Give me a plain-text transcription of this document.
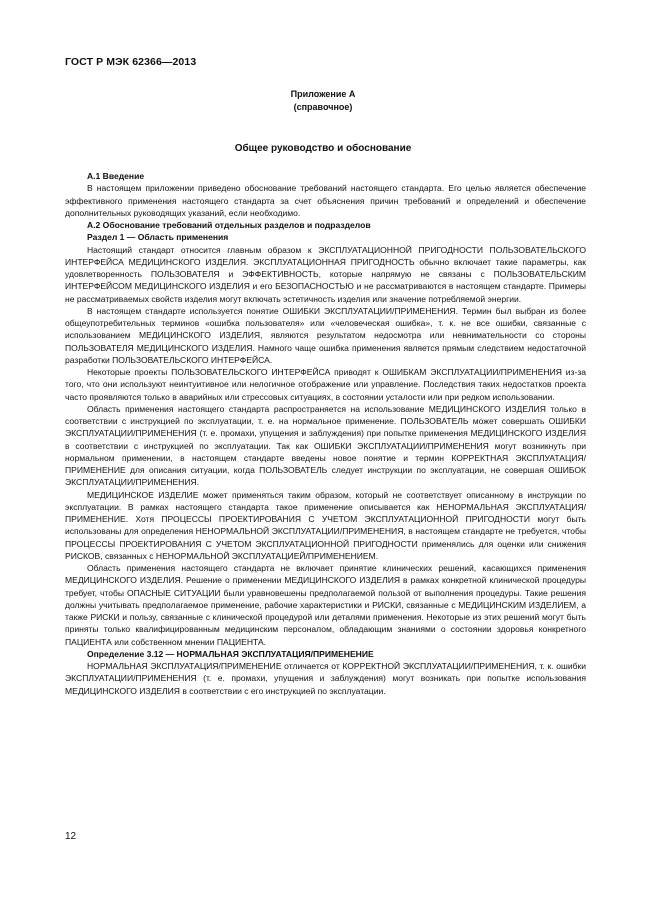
ГОСТ Р МЭК 62366—2013
Приложение А
(справочное)
Общее руководство и обоснование

А.1 Введение

В настоящем приложении приведено обоснование требований настоящего стандарта. Его целью является обеспечение эффективного применения настоящего стандарта за счет объяснения причин требований и определений и обеспечение дополнительных руководящих указаний, если необходимо.

А.2 Обоснование требований отдельных разделов и подразделов

Раздел 1 — Область применения

Настоящий стандарт относится главным образом к ЭКСПЛУАТАЦИОННОЙ ПРИГОДНОСТИ ПОЛЬЗОВАТЕЛЬСКОГО ИНТЕРФЕЙСА МЕДИЦИНСКОГО ИЗДЕЛИЯ. ЭКСПЛУАТАЦИОННАЯ ПРИГОДНОСТЬ обычно включает такие параметры, как удовлетворенность ПОЛЬЗОВАТЕЛЯ и ЭФФЕКТИВНОСТЬ, которые напрямую не связаны с ПОЛЬЗОВАТЕЛЬСКИМ ИНТЕРФЕЙСОМ МЕДИЦИНСКОГО ИЗДЕЛИЯ и его БЕЗОПАСНОСТЬЮ и не рассматриваются в настоящем стандарте. Примеры не рассматриваемых свойств изделия могут включать эстетичность изделия или значение потребляемой энергии.

В настоящем стандарте используется понятие ОШИБКИ ЭКСПЛУАТАЦИИ/ПРИМЕНЕНИЯ. Термин был выбран из более общеупотребительных терминов «ошибка пользователя» или «человеческая ошибка», т. к. не все ошибки, связанные с использованием МЕДИЦИНСКОГО ИЗДЕЛИЯ, являются результатом недосмотра или невнимательности со стороны ПОЛЬЗОВАТЕЛЯ МЕДИЦИНСКОГО ИЗДЕЛИЯ. Намного чаще ошибка применения является прямым следствием недостаточной разработки ПОЛЬЗОВАТЕЛЬСКОГО ИНТЕРФЕЙСА.

Некоторые проекты ПОЛЬЗОВАТЕЛЬСКОГО ИНТЕРФЕЙСА приводят к ОШИБКАМ ЭКСПЛУАТАЦИИ/ПРИМЕНЕНИЯ из-за того, что они используют неинтуитивное или нелогичное отображение или управление. Последствия таких недостатков проекта часто проявляются только в аварийных или стрессовых ситуациях, в состоянии усталости или при редком использовании.

Область применения настоящего стандарта распространяется на использование МЕДИЦИНСКОГО ИЗДЕЛИЯ только в соответствии с инструкцией по эксплуатации, т. е. на нормальное применение. ПОЛЬЗОВАТЕЛЬ может совершать ОШИБКИ ЭКСПЛУАТАЦИИ/ПРИМЕНЕНИЯ (т. е. промахи, упущения и заблуждения) при попытке применения МЕДИЦИНСКОГО ИЗДЕЛИЯ в соответствии с инструкцией по эксплуатации. Так как ОШИБКИ ЭКСПЛУАТАЦИИ/ПРИМЕНЕНИЯ могут возникнуть при нормальном применении, в настоящем стандарте введены новое понятие и термин КОРРЕКТНАЯ ЭКСПЛУАТАЦИЯ/ПРИМЕНЕНИЕ для описания ситуации, когда ПОЛЬЗОВАТЕЛЬ следует инструкции по эксплуатации, не совершая ОШИБОК ЭКСПЛУАТАЦИИ/ПРИМЕНЕНИЯ.

МЕДИЦИНСКОЕ ИЗДЕЛИЕ может применяться таким образом, который не соответствует описанному в инструкции по эксплуатации. В рамках настоящего стандарта такое применение описывается как НЕНОРМАЛЬНАЯ ЭКСПЛУАТАЦИЯ/ПРИМЕНЕНИЕ. Хотя ПРОЦЕССЫ ПРОЕКТИРОВАНИЯ С УЧЕТОМ ЭКСПЛУАТАЦИОННОЙ ПРИГОДНОСТИ могут быть использованы для определения НЕНОРМАЛЬНОЙ ЭКСПЛУАТАЦИИ/ПРИМЕНЕНИЯ, в настоящем стандарте не требуется, чтобы ПРОЦЕССЫ ПРОЕКТИРОВАНИЯ С УЧЕТОМ ЭКСПЛУАТАЦИОННОЙ ПРИГОДНОСТИ применялись для оценки или снижения РИСКОВ, связанных с НЕНОРМАЛЬНОЙ ЭКСПЛУАТАЦИЕЙ/ПРИМЕНЕНИЕМ.

Область применения настоящего стандарта не включает принятие клинических решений, касающихся применения МЕДИЦИНСКОГО ИЗДЕЛИЯ. Решение о применении МЕДИЦИНСКОГО ИЗДЕЛИЯ в рамках конкретной клинической процедуры требует, чтобы ОПАСНЫЕ СИТУАЦИИ были уравновешены предполагаемой пользой от выполнения процедуры. Такие решения должны учитывать предполагаемое применение, рабочие характеристики и РИСКИ, связанные с МЕДИЦИНСКИМ ИЗДЕЛИЕМ, а также РИСКИ и пользу, связанные с клинической процедурой или деталями применения. Некоторые из этих решений могут быть приняты только квалифицированным медицинским персоналом, обладающим знаниями о состоянии здоровья конкретного ПАЦИЕНТА или собственном мнении ПАЦИЕНТА.

Определение 3.12 — НОРМАЛЬНАЯ ЭКСПЛУАТАЦИЯ/ПРИМЕНЕНИЕ

НОРМАЛЬНАЯ ЭКСПЛУАТАЦИЯ/ПРИМЕНЕНИЕ отличается от КОРРЕКТНОЙ ЭКСПЛУАТАЦИИ/ПРИМЕНЕНИЯ, т. к. ошибки ЭКСПЛУАТАЦИИ/ПРИМЕНЕНИЯ (т. е. промахи, упущения и заблуждения) могут возникать при попытке использования МЕДИЦИНСКОГО ИЗДЕЛИЯ в соответствии с его инструкцией по эксплуатации.

12
